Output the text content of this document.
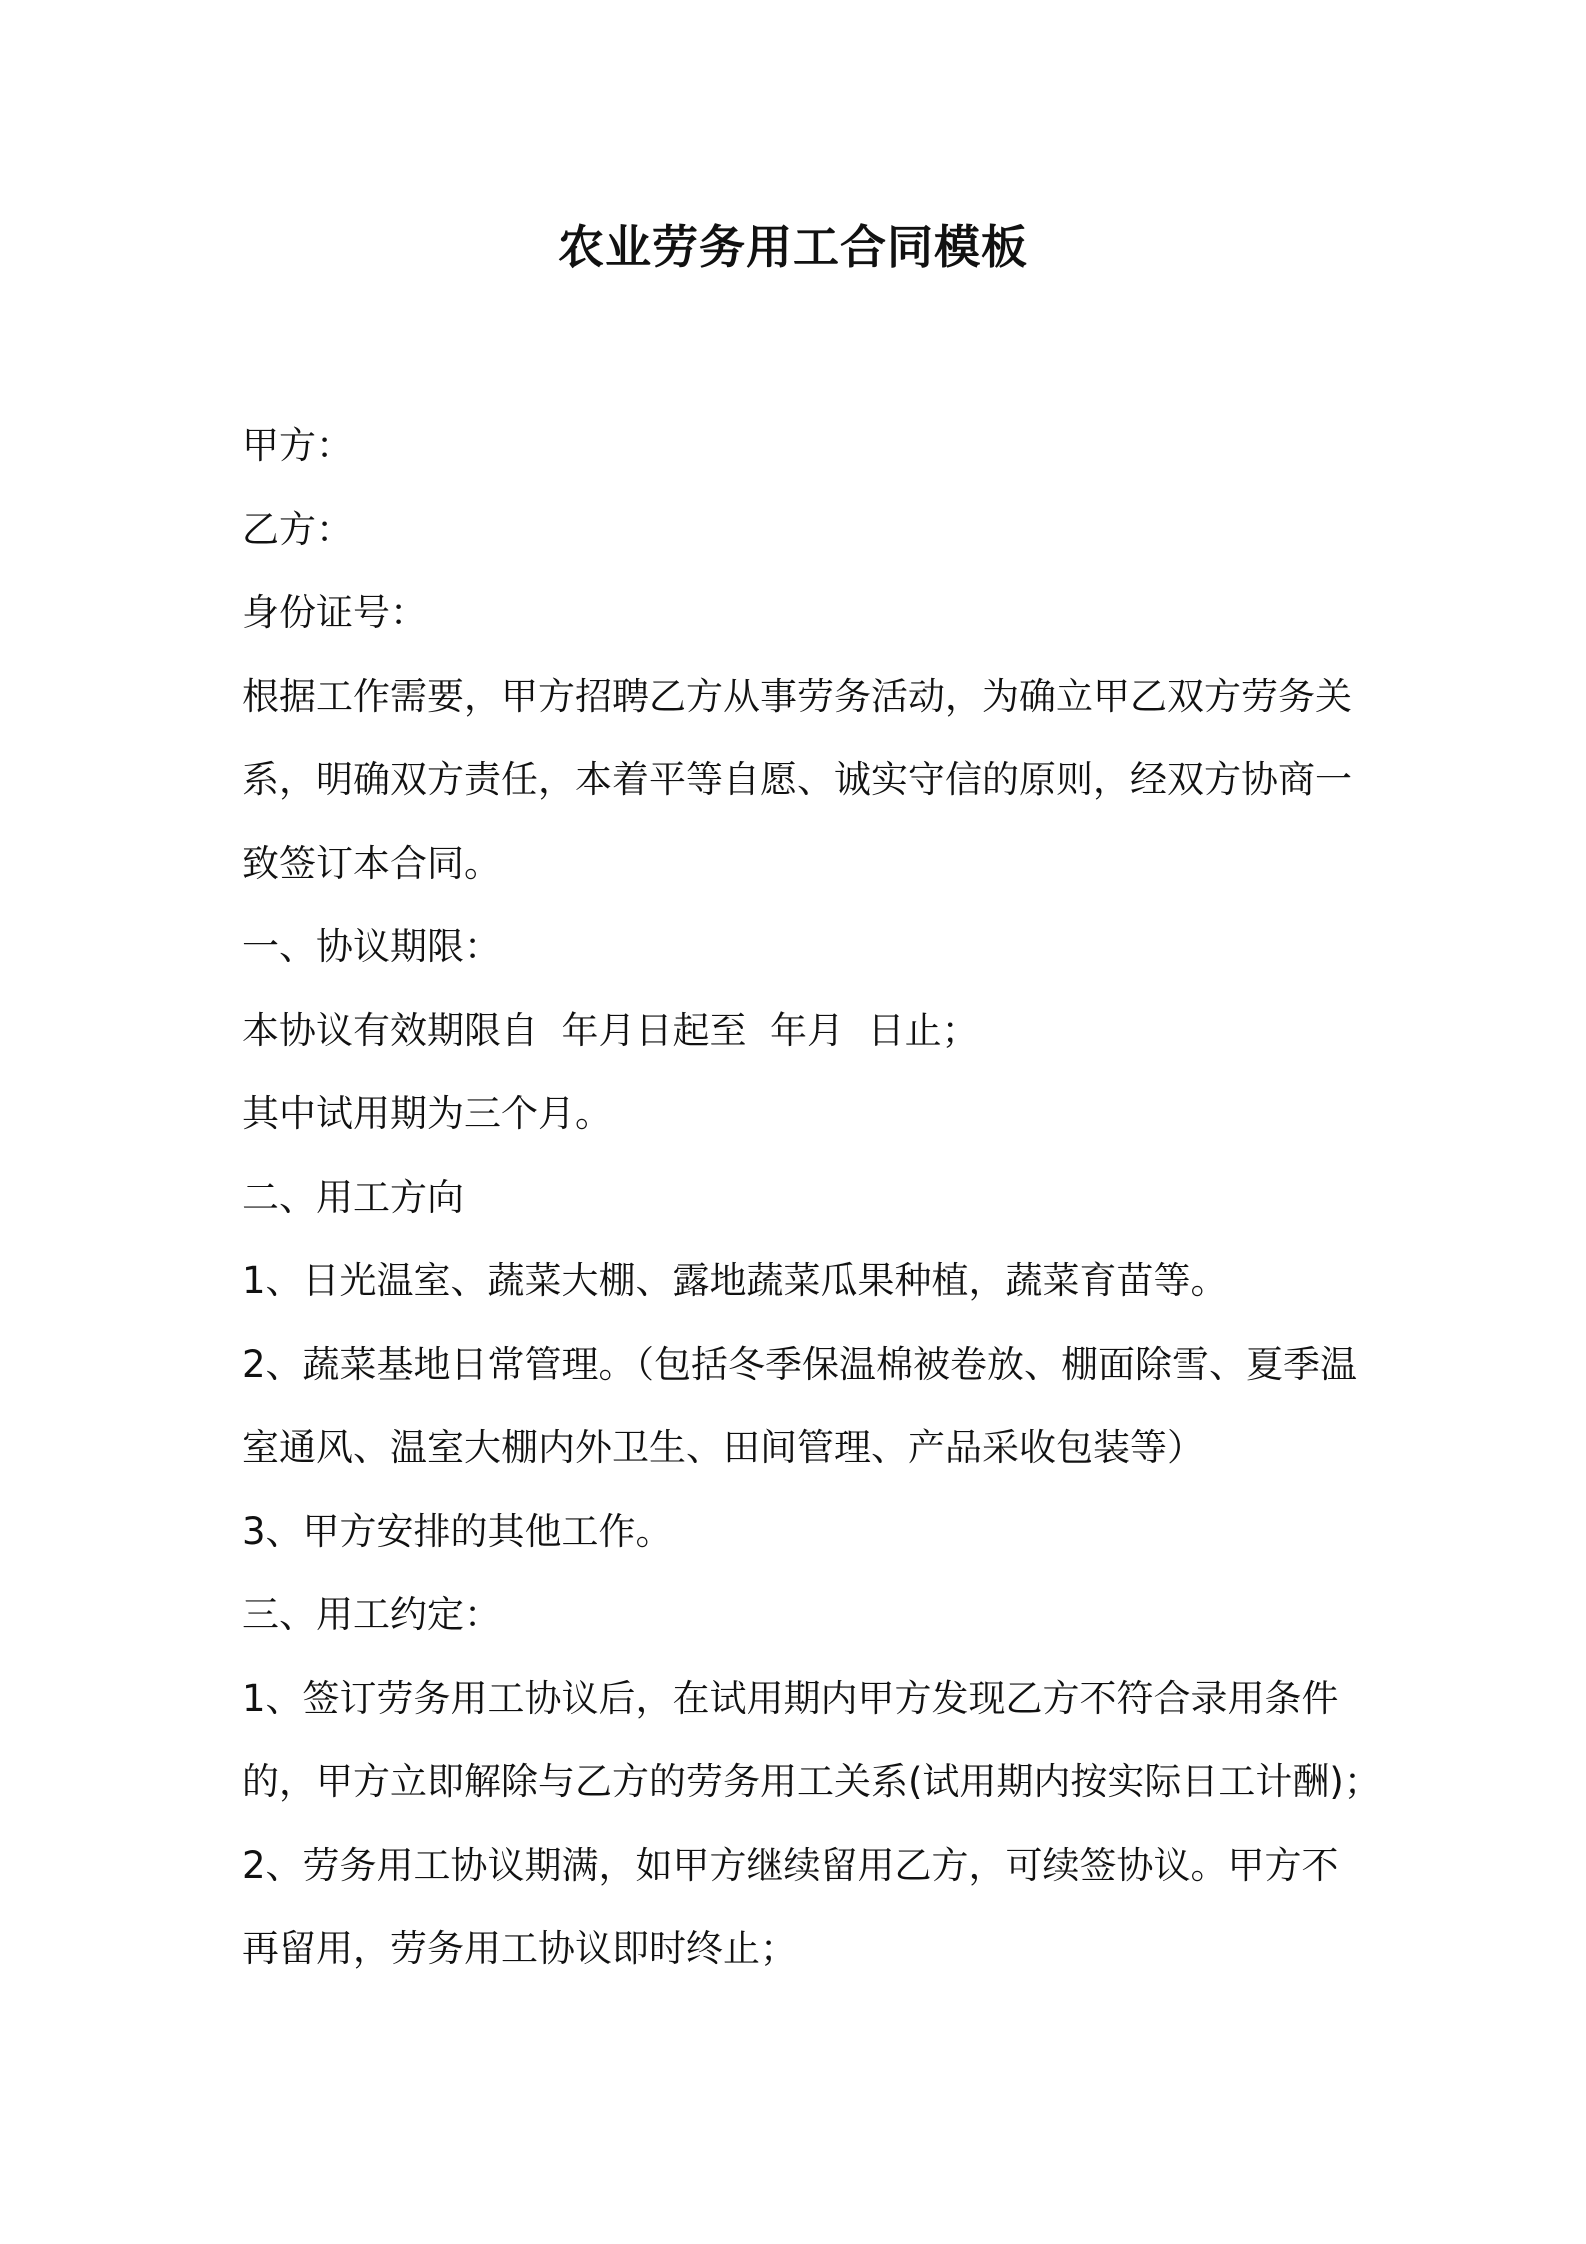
农业劳务用工合同模板

甲方：

乙方：

身份证号：

根据工作需要，甲方招聘乙方从事劳务活动，为确立甲乙双方劳务关

系，明确双方责任，本着平等自愿、诚实守信的原则，经双方协商一

致签订本合同。

一、协议期限：

本协议有效期限自  年月日起至  年月  日止；

其中试用期为三个月。

二、用工方向

1、日光温室、蔬菜大棚、露地蔬菜瓜果种植，蔬菜育苗等。

2、蔬菜基地日常管理。（包括冬季保温棉被卷放、棚面除雪、夏季温

室通风、温室大棚内外卫生、田间管理、产品采收包装等）

3、甲方安排的其他工作。

三、用工约定：

1、签订劳务用工协议后，在试用期内甲方发现乙方不符合录用条件

的，甲方立即解除与乙方的劳务用工关系(试用期内按实际日工计酬)；

2、劳务用工协议期满，如甲方继续留用乙方，可续签协议。甲方不

再留用，劳务用工协议即时终止；
